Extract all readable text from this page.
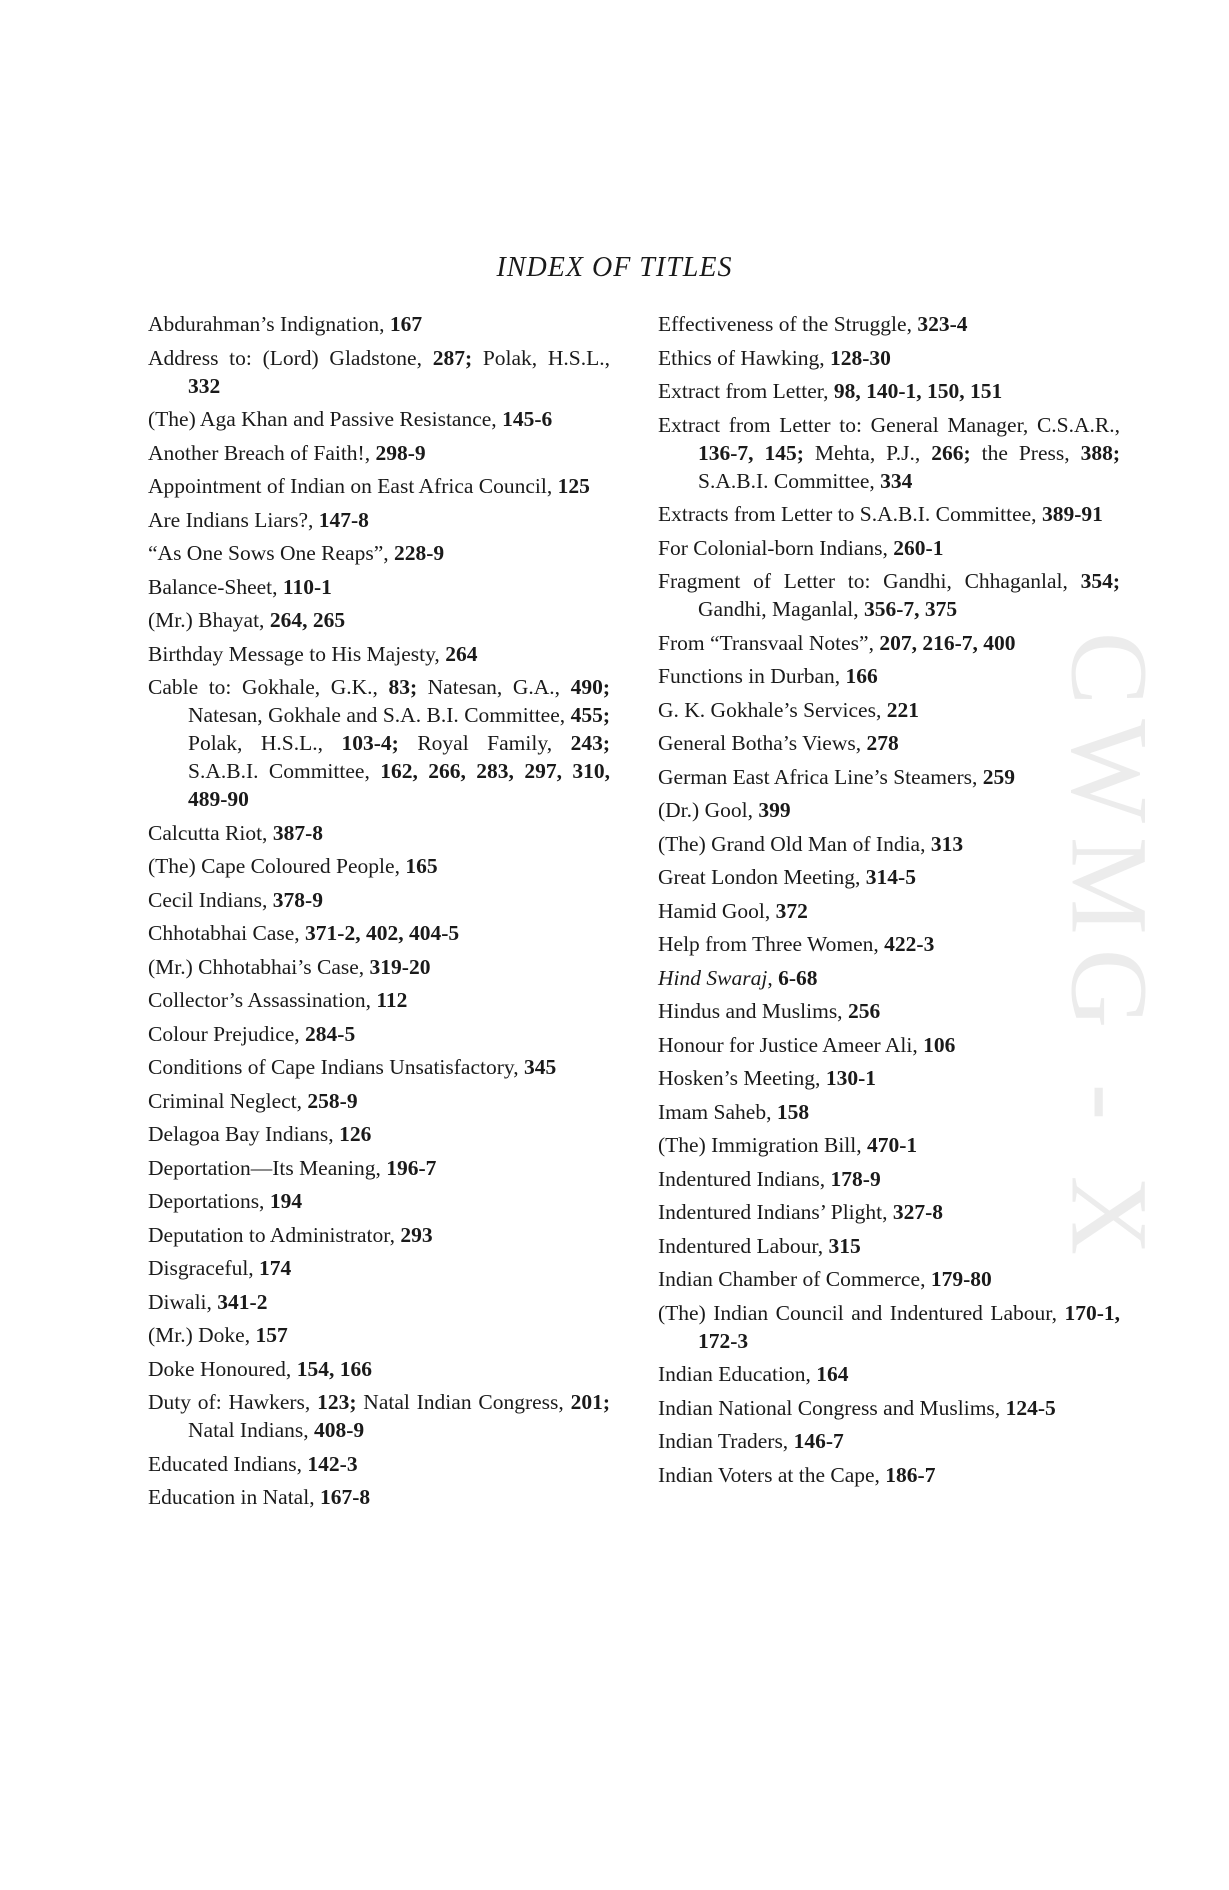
CWMG - X
INDEX OF TITLES

Abdurahman’s Indignation, 167

Address to: (Lord) Gladstone, 287; Polak, H.S.L., 332

(The) Aga Khan and Passive Resistance, 145-6

Another Breach of Faith!, 298-9

Appointment of Indian on East Africa Council, 125

Are Indians Liars?, 147-8

“As One Sows One Reaps”, 228-9

Balance-Sheet, 110-1

(Mr.) Bhayat, 264, 265

Birthday Message to His Majesty, 264

Cable to: Gokhale, G.K., 83; Natesan, G.A., 490; Natesan, Gokhale and S.A. B.I. Committee, 455; Polak, H.S.L., 103-4; Royal Family, 243; S.A.B.I. Committee, 162, 266, 283, 297, 310, 489-90

Calcutta Riot, 387-8

(The) Cape Coloured People, 165

Cecil Indians, 378-9

Chhotabhai Case, 371-2, 402, 404-5

(Mr.) Chhotabhai’s Case, 319-20

Collector’s Assassination, 112

Colour Prejudice, 284-5

Conditions of Cape Indians Unsatisfactory, 345

Criminal Neglect, 258-9

Delagoa Bay Indians, 126

Deportation—Its Meaning, 196-7

Deportations, 194

Deputation to Administrator, 293

Disgraceful, 174

Diwali, 341-2

(Mr.) Doke, 157

Doke Honoured, 154, 166

Duty of: Hawkers, 123; Natal Indian Congress, 201; Natal Indians, 408-9

Educated Indians, 142-3

Education in Natal, 167-8

Effectiveness of the Struggle, 323-4

Ethics of Hawking, 128-30

Extract from Letter, 98, 140-1, 150, 151

Extract from Letter to: General Manager, C.S.A.R., 136-7, 145; Mehta, P.J., 266; the Press, 388; S.A.B.I. Committee, 334

Extracts from Letter to S.A.B.I. Committee, 389-91

For Colonial-born Indians, 260-1

Fragment of Letter to: Gandhi, Chhaganlal, 354; Gandhi, Maganlal, 356-7, 375

From “Transvaal Notes”, 207, 216-7, 400

Functions in Durban, 166

G. K. Gokhale’s Services, 221

General Botha’s Views, 278

German East Africa Line’s Steamers, 259

(Dr.) Gool, 399

(The) Grand Old Man of India, 313

Great London Meeting, 314-5

Hamid Gool, 372

Help from Three Women, 422-3

Hind Swaraj, 6-68

Hindus and Muslims, 256

Honour for Justice Ameer Ali, 106

Hosken’s Meeting, 130-1

Imam Saheb, 158

(The) Immigration Bill, 470-1

Indentured Indians, 178-9

Indentured Indians’ Plight, 327-8

Indentured Labour, 315

Indian Chamber of Commerce, 179-80

(The) Indian Council and Indentured Labour, 170-1, 172-3

Indian Education, 164

Indian National Congress and Muslims, 124-5

Indian Traders, 146-7

Indian Voters at the Cape, 186-7
